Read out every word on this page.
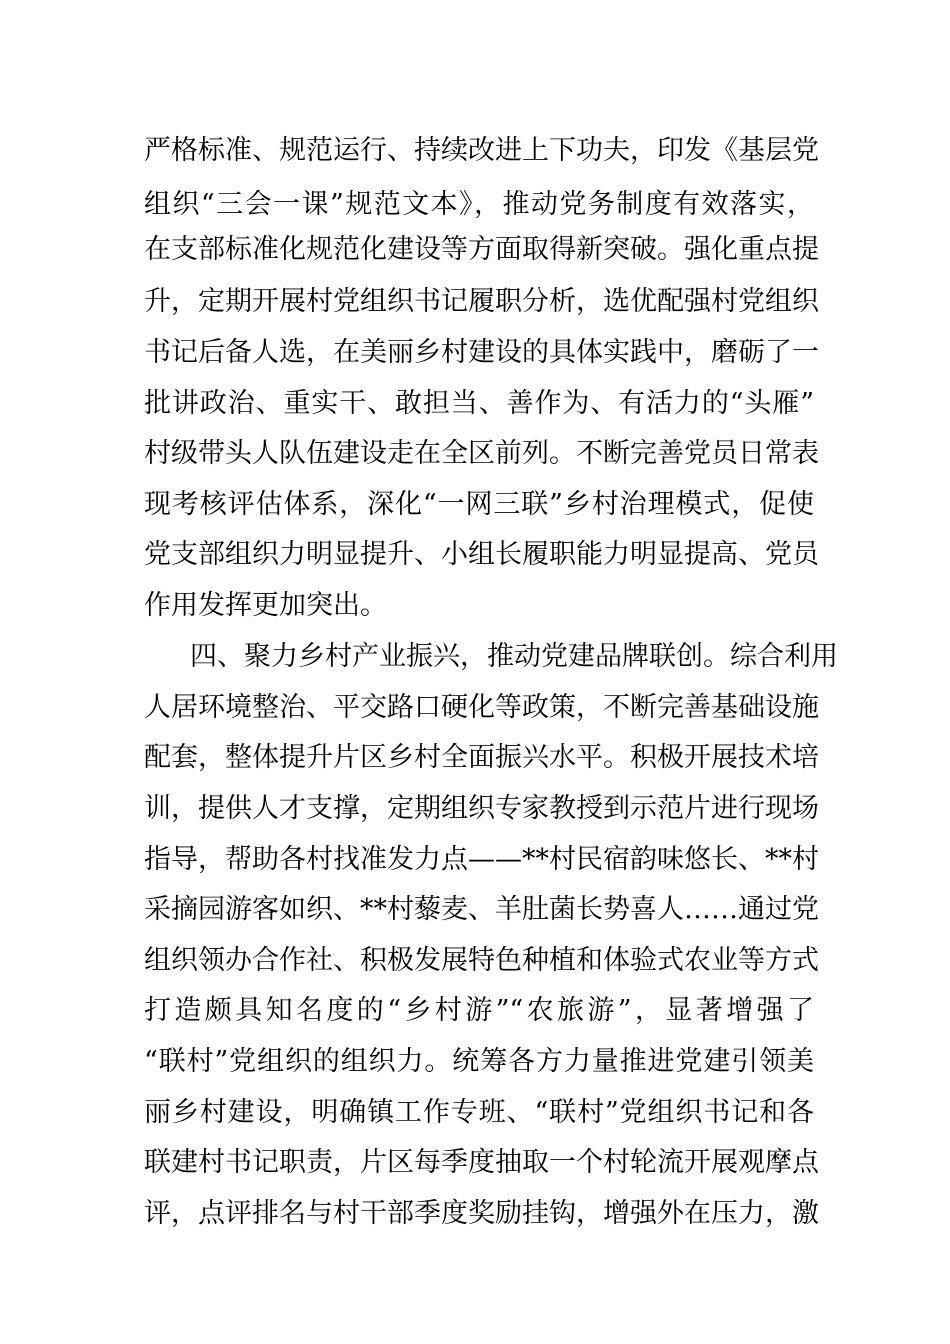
严格标准、规范运行、持续改进上下功夫，印发《基层党
组织“三会一课”规范文本》，推动党务制度有效落实，
在支部标准化规范化建设等方面取得新突破。强化重点提
升，定期开展村党组织书记履职分析，选优配强村党组织
书记后备人选，在美丽乡村建设的具体实践中，磨砺了一
批讲政治、重实干、敢担当、善作为、有活力的“头雁”
村级带头人队伍建设走在全区前列。不断完善党员日常表
现考核评估体系，深化“一网三联”乡村治理模式，促使
党支部组织力明显提升、小组长履职能力明显提高、党员
作用发挥更加突出。
四、聚力乡村产业振兴，推动党建品牌联创。综合利用
人居环境整治、平交路口硬化等政策，不断完善基础设施
配套，整体提升片区乡村全面振兴水平。积极开展技术培
训，提供人才支撑，定期组织专家教授到示范片进行现场
指导，帮助各村找准发力点——**村民宿韵味悠长、**村
采摘园游客如织、**村藜麦、羊肚菌长势喜人……通过党
组织领办合作社、积极发展特色种植和体验式农业等方式
打造颇具知名度的“乡村游”“农旅游”，显著增强了
“联村”党组织的组织力。统筹各方力量推进党建引领美
丽乡村建设，明确镇工作专班、“联村”党组织书记和各
联建村书记职责，片区每季度抽取一个村轮流开展观摩点
评，点评排名与村干部季度奖励挂钩，增强外在压力，激
